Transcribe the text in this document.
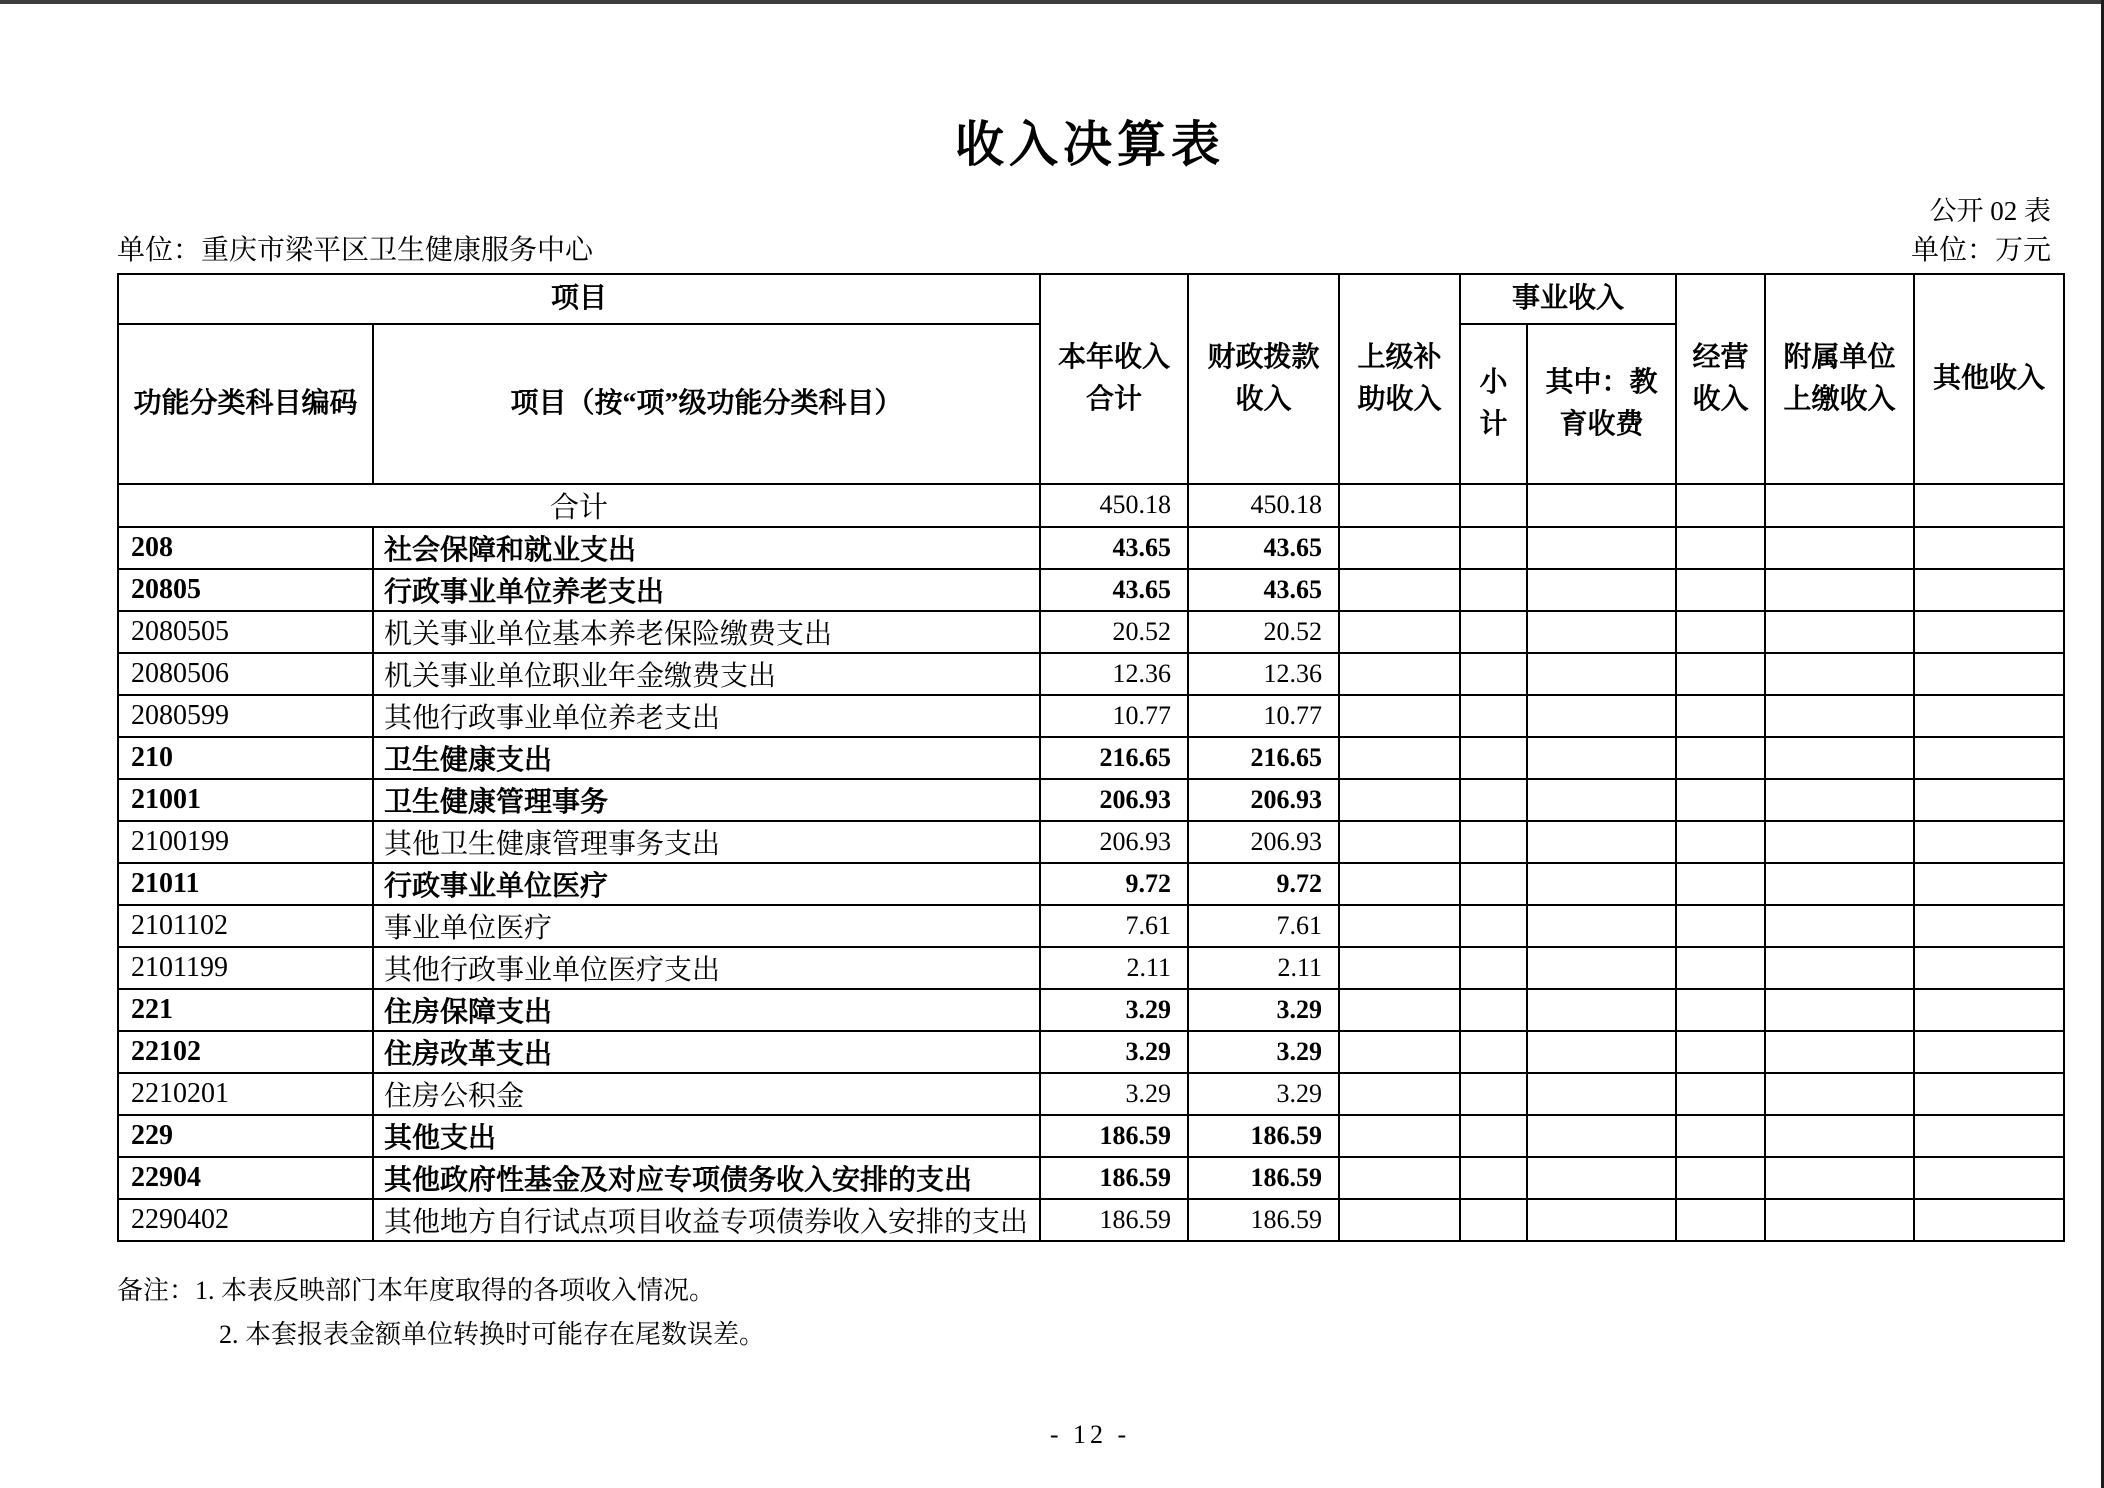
收入决算表
公开 02 表
单位：重庆市梁平区卫生健康服务中心	单位：万元
项目		本年收入合计	财政拨款收入	上级补助收入	事业收入		经营收入	附属单位上缴收入	其他收入
功能分类科目编码	项目（按“项”级功能分类科目）				小计	其中：教育收费			
合计		450.18	450.18						
208	社会保障和就业支出	43.65	43.65						
20805	行政事业单位养老支出	43.65	43.65						
2080505	机关事业单位基本养老保险缴费支出	20.52	20.52						
2080506	机关事业单位职业年金缴费支出	12.36	12.36						
2080599	其他行政事业单位养老支出	10.77	10.77						
210	卫生健康支出	216.65	216.65						
21001	卫生健康管理事务	206.93	206.93						
2100199	其他卫生健康管理事务支出	206.93	206.93						
21011	行政事业单位医疗	9.72	9.72						
2101102	事业单位医疗	7.61	7.61						
2101199	其他行政事业单位医疗支出	2.11	2.11						
221	住房保障支出	3.29	3.29						
22102	住房改革支出	3.29	3.29						
2210201	住房公积金	3.29	3.29						
229	其他支出	186.59	186.59						
22904	其他政府性基金及对应专项债务收入安排的支出	186.59	186.59						
2290402	其他地方自行试点项目收益专项债券收入安排的支出	186.59	186.59						
备注：1. 本表反映部门本年度取得的各项收入情况。
2. 本套报表金额单位转换时可能存在尾数误差。
- 12 -
